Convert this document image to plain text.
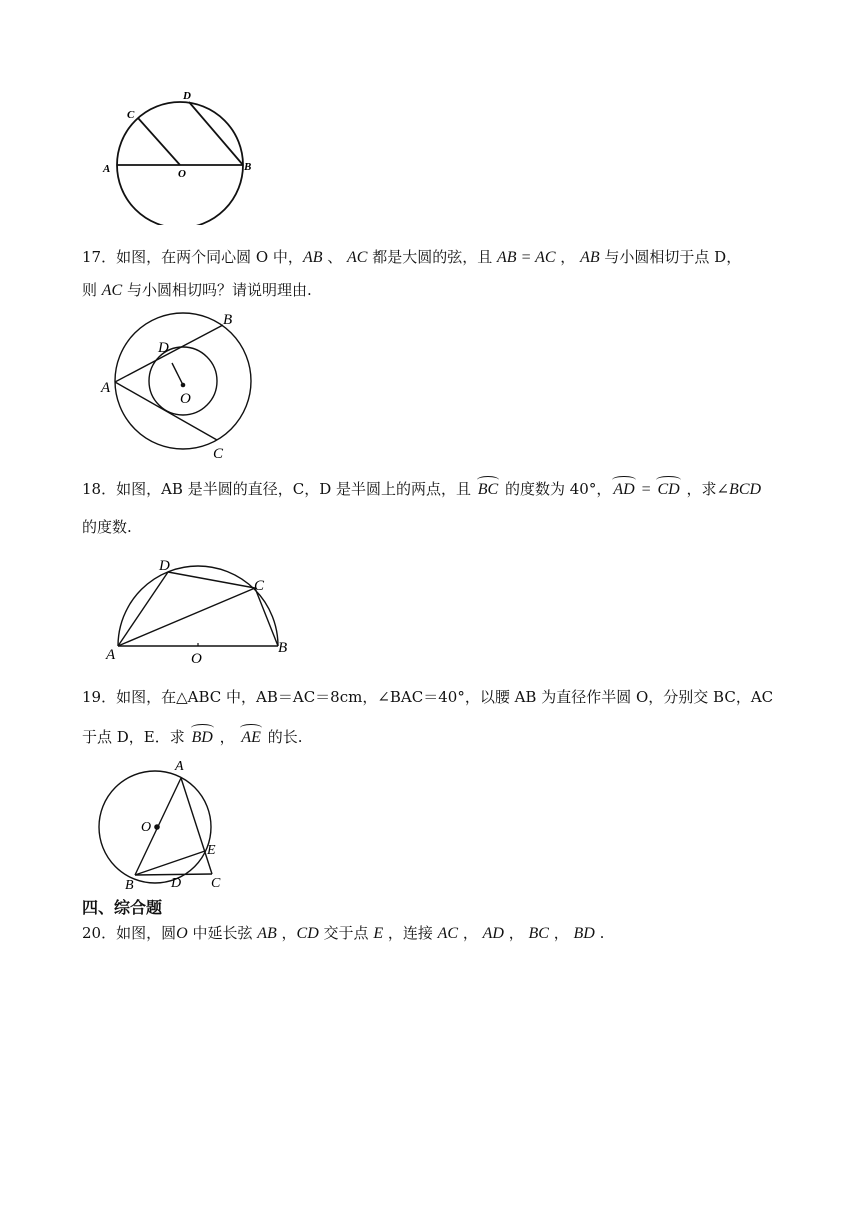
A	O
B
C
D
17．如图，在两个同心圆 O 中，AB 、 AC 都是大圆的弦，且 AB = AC ， AB 与小圆相切于点 D，
则 AC 与小圆相切吗？请说明理由.
A
B
C
D
O
18．如图，AB 是半圆的直径，C，D 是半圆上的两点，且 BC 的度数为 40°， AD = CD ，求∠BCD
的度数.
A	O
B
C
D
19．如图，在△ABC 中，AB＝AC＝8cm，∠BAC＝40°，以腰 AB 为直径作半圆 O，分别交 BC，AC
于点 D，E．求 BD ， AE 的长.
A
O
B	D C
E
四、综合题
20．如图，圆O 中延长弦 AB ，CD 交于点 E ，连接 AC ， AD ， BC ， BD .
